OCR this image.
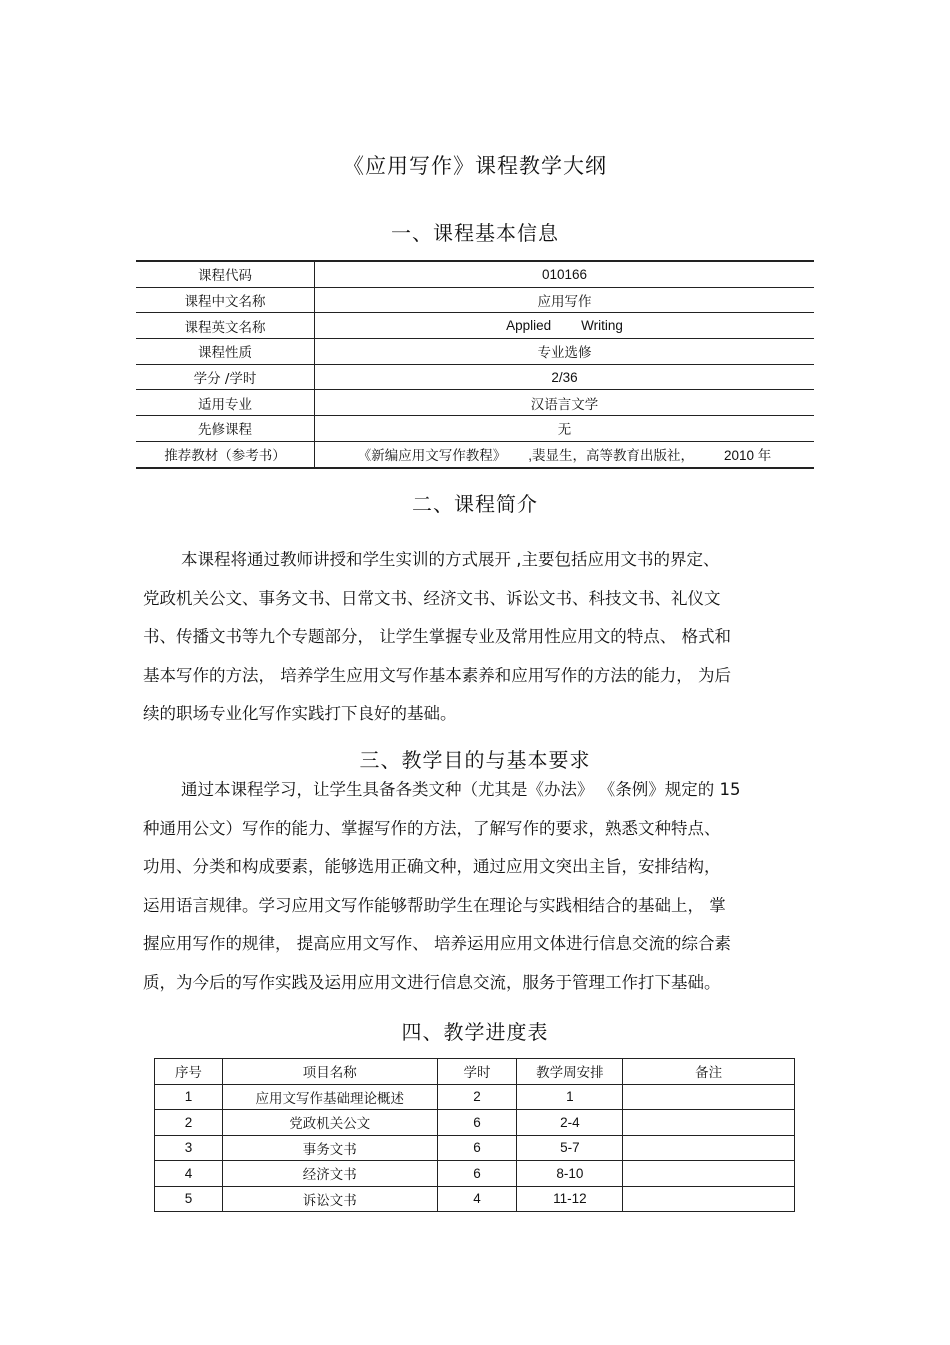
《应用写作》课程教学大纲
一、课程基本信息
课程代码	010166
课程中文名称	应用写作
课程英文名称	Applied Writing
课程性质	专业选修
学分 /学时	2/36
适用专业	汉语言文学
先修课程	无
推荐教材（参考书）	《新编应用文写作教程》 ,裴显生，高等教育出版社， 2010 年
二、课程简介
本课程将通过教师讲授和学生实训的方式展开 ,主要包括应用文书的界定、
党政机关公文、事务文书、日常文书、经济文书、诉讼文书、科技文书、礼仪文
书、传播文书等九个专题部分， 让学生掌握专业及常用性应用文的特点、 格式和
基本写作的方法， 培养学生应用文写作基本素养和应用写作的方法的能力， 为后
续的职场专业化写作实践打下良好的基础。
三、教学目的与基本要求
通过本课程学习，让学生具备各类文种（尤其是《办法》 《条例》规定的 15
种通用公文）写作的能力、掌握写作的方法，了解写作的要求，熟悉文种特点、
功用、分类和构成要素，能够选用正确文种，通过应用文突出主旨，安排结构，
运用语言规律。学习应用文写作能够帮助学生在理论与实践相结合的基础上， 掌
握应用写作的规律， 提高应用文写作、 培养运用应用文体进行信息交流的综合素
质，为今后的写作实践及运用应用文进行信息交流，服务于管理工作打下基础。
四、教学进度表
序号	项目名称	学时	教学周安排	备注
1	应用文写作基础理论概述	2	1	
2	党政机关公文	6	2-4	
3	事务文书	6	5-7	
4	经济文书	6	8-10	
5	诉讼文书	4	11-12	
